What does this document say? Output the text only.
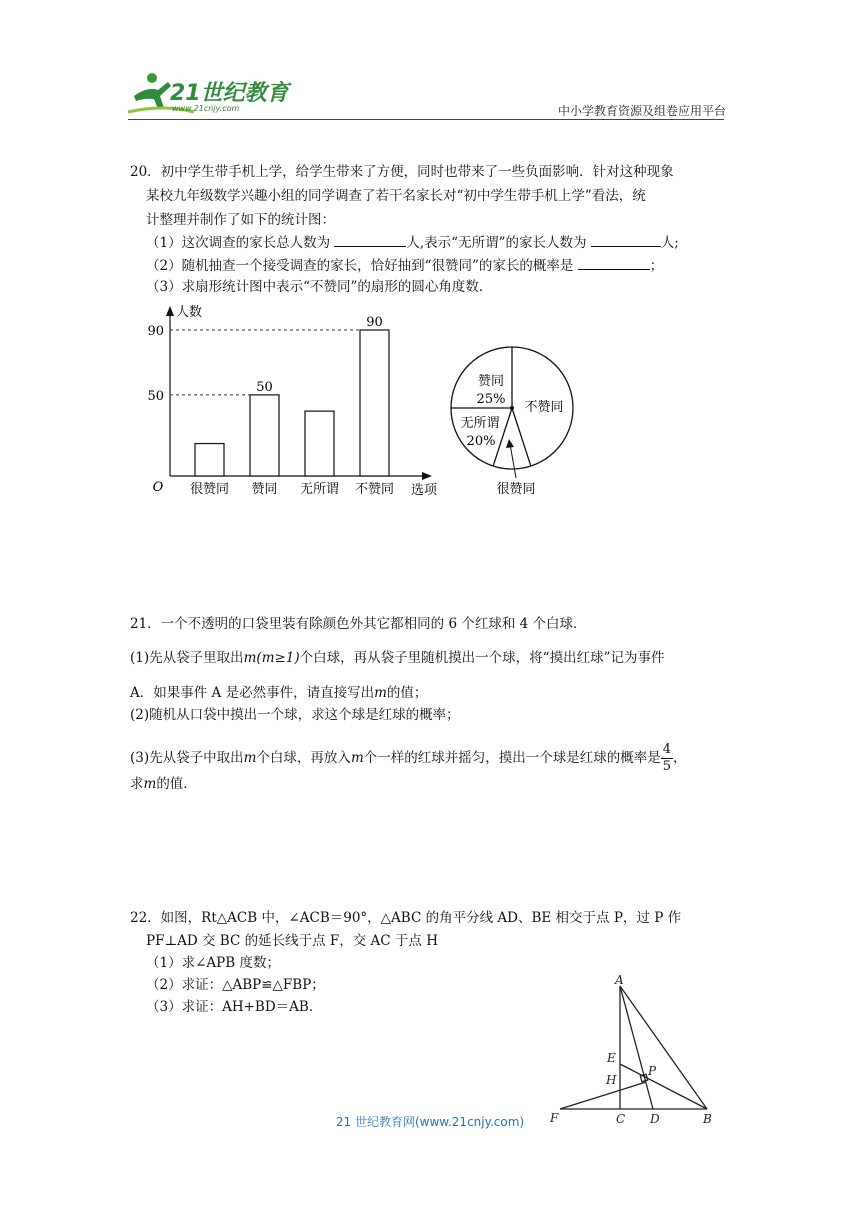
21世纪教育
www.21cnjy.com	中小学教育资源及组卷应用平台
20．初中学生带手机上学，给学生带来了方便，同时也带来了一些负面影响．针对这种现象
某校九年级数学兴趣小组的同学调查了若干名家长对“初中学生带手机上学”看法，统
计整理并制作了如下的统计图：
（1）这次调查的家长总人数为	人,表示“无所谓”的家长人数为	人;
（2）随机抽查一个接受调查的家长，恰好抽到“很赞同”的家长的概率是	；
（3）求扇形统计图中表示“不赞同”的扇形的圆心角度数．
人数
选项
O
50
90
很赞同 赞同
50
无所谓 不赞同
90
赞同
25%
无所谓
20%
不赞同
很赞同
21．一个不透明的口袋里装有除颜色外其它都相同的 6 个红球和 4 个白球．
(1)先从袋子里取出m(m≥1)个白球，再从袋子里随机摸出一个球，将“摸出红球”记为事件
A．如果事件 A 是必然事件，请直接写出m的值；
(2)随机从口袋中摸出一个球，求这个球是红球的概率；
(3)先从袋子中取出m个白球，再放入m个一样的红球并摇匀，摸出一个球是红球的概率是 $\frac{4}{5}$ ，
求m的值．
22．如图，Rt△ACB 中，∠ACB＝90°，△ABC 的角平分线 AD、BE 相交于点 P，过 P 作
PF⊥AD 交 BC 的延长线于点 F，交 AC 于点 H
（1）求∠APB 度数；
（2）求证：△ABP≌△FBP；
（3）求证：AH+BD＝AB．
A
E
H
P
F	C D	B
21 世纪教育网(www.21cnjy.com)
